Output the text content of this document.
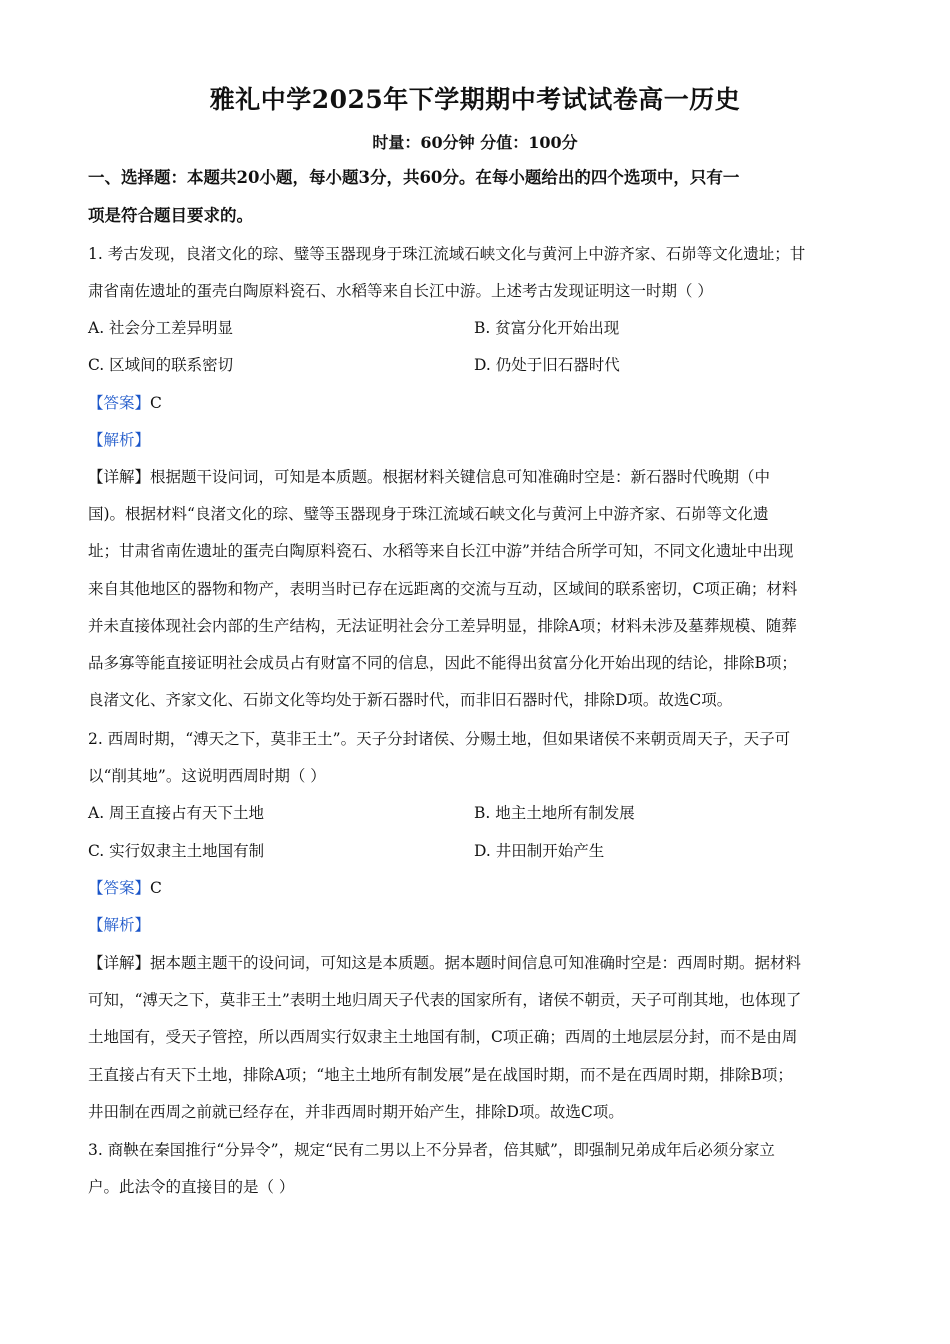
雅礼中学2025年下学期期中考试试卷高一历史
时量：60分钟 分值：100分
一、选择题：本题共20小题，每小题3分，共60分。在每小题给出的四个选项中，只有一
项是符合题目要求的。
1. 考古发现，良渚文化的琮、璧等玉器现身于珠江流域石峡文化与黄河上中游齐家、石峁等文化遗址；甘
肃省南佐遗址的蛋壳白陶原料瓷石、水稻等来自长江中游。上述考古发现证明这一时期（ ）
A. 社会分工差异明显	B. 贫富分化开始出现
C. 区域间的联系密切	D. 仍处于旧石器时代
【答案】C
【解析】
【详解】根据题干设问词，可知是本质题。根据材料关键信息可知准确时空是：新石器时代晚期（中
国)。根据材料“良渚文化的琮、璧等玉器现身于珠江流域石峡文化与黄河上中游齐家、石峁等文化遗
址；甘肃省南佐遗址的蛋壳白陶原料瓷石、水稻等来自长江中游”并结合所学可知，不同文化遗址中出现
来自其他地区的器物和物产，表明当时已存在远距离的交流与互动，区域间的联系密切，C项正确；材料
并未直接体现社会内部的生产结构，无法证明社会分工差异明显，排除A项；材料未涉及墓葬规模、随葬
品多寡等能直接证明社会成员占有财富不同的信息，因此不能得出贫富分化开始出现的结论，排除B项；
良渚文化、齐家文化、石峁文化等均处于新石器时代，而非旧石器时代，排除D项。故选C项。
2. 西周时期，“溥天之下，莫非王土”。天子分封诸侯、分赐土地，但如果诸侯不来朝贡周天子，天子可
以“削其地”。这说明西周时期（ ）
A. 周王直接占有天下土地	B. 地主土地所有制发展
C. 实行奴隶主土地国有制	D. 井田制开始产生
【答案】C
【解析】
【详解】据本题主题干的设问词，可知这是本质题。据本题时间信息可知准确时空是：西周时期。据材料
可知，“溥天之下，莫非王土”表明土地归周天子代表的国家所有，诸侯不朝贡，天子可削其地，也体现了
土地国有，受天子管控，所以西周实行奴隶主土地国有制，C项正确；西周的土地层层分封，而不是由周
王直接占有天下土地，排除A项；“地主土地所有制发展”是在战国时期，而不是在西周时期，排除B项；
井田制在西周之前就已经存在，并非西周时期开始产生，排除D项。故选C项。
3. 商鞅在秦国推行“分异令”，规定“民有二男以上不分异者，倍其赋”，即强制兄弟成年后必须分家立
户。此法令的直接目的是（ ）
